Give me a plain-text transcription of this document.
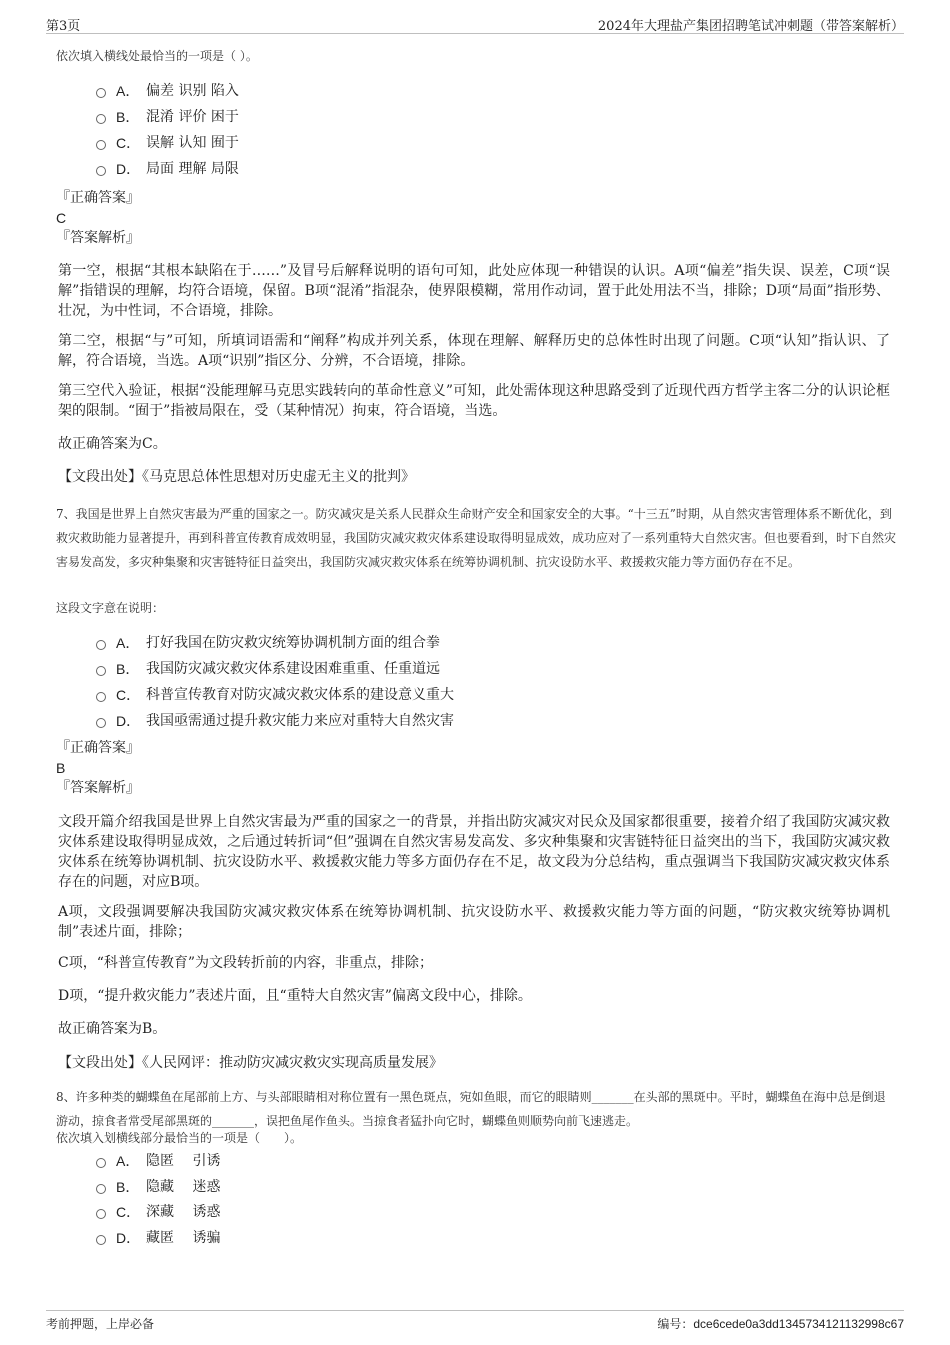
第3页	2024年大理盐产集团招聘笔试冲刺题（带答案解析）
依次填入横线处最恰当的一项是（ ）。
A． 偏差 识别 陷入
B． 混淆 评价 困于
C． 误解 认知 囿于
D． 局面 理解 局限
『正确答案』
C
『答案解析』
第一空，根据“其根本缺陷在于……”及冒号后解释说明的语句可知，此处应体现一种错误的认识。A项“偏差”指失误、误差，C项“误解”指错误的理解，均符合语境，保留。B项“混淆”指混杂，使界限模糊，常用作动词，置于此处用法不当，排除；D项“局面”指形势、壮况，为中性词，不合语境，排除。
第二空，根据“与”可知，所填词语需和“阐释”构成并列关系，体现在理解、解释历史的总体性时出现了问题。C项“认知”指认识、了解，符合语境，当选。A项“识别”指区分、分辨，不合语境，排除。
第三空代入验证，根据“没能理解马克思实践转向的革命性意义”可知，此处需体现这种思路受到了近现代西方哲学主客二分的认识论框架的限制。“囿于”指被局限在，受（某种情况）拘束，符合语境，当选。
故正确答案为C。
【文段出处】《马克思总体性思想对历史虚无主义的批判》
7、我国是世界上自然灾害最为严重的国家之一。防灾减灾是关系人民群众生命财产安全和国家安全的大事。“十三五”时期，从自然灾害管理体系不断优化，到救灾救助能力显著提升，再到科普宣传教育成效明显，我国防灾减灾救灾体系建设取得明显成效，成功应对了一系列重特大自然灾害。但也要看到，时下自然灾害易发高发，多灾种集聚和灾害链特征日益突出，我国防灾减灾救灾体系在统筹协调机制、抗灾设防水平、救援救灾能力等方面仍存在不足。
这段文字意在说明：
A． 打好我国在防灾救灾统筹协调机制方面的组合拳
B． 我国防灾减灾救灾体系建设困难重重、任重道远
C． 科普宣传教育对防灾减灾救灾体系的建设意义重大
D． 我国亟需通过提升救灾能力来应对重特大自然灾害
『正确答案』
B
『答案解析』
文段开篇介绍我国是世界上自然灾害最为严重的国家之一的背景，并指出防灾减灾对民众及国家都很重要，接着介绍了我国防灾减灾救灾体系建设取得明显成效，之后通过转折词“但”强调在自然灾害易发高发、多灾种集聚和灾害链特征日益突出的当下，我国防灾减灾救灾体系在统筹协调机制、抗灾设防水平、救援救灾能力等多方面仍存在不足，故文段为分总结构，重点强调当下我国防灾减灾救灾体系存在的问题，对应B项。
A项，文段强调要解决我国防灾减灾救灾体系在统筹协调机制、抗灾设防水平、救援救灾能力等方面的问题，“防灾救灾统筹协调机制”表述片面，排除；
C项，“科普宣传教育”为文段转折前的内容，非重点，排除；
D项，“提升救灾能力”表述片面，且“重特大自然灾害”偏离文段中心，排除。
故正确答案为B。
【文段出处】《人民网评：推动防灾减灾救灾实现高质量发展》
8、许多种类的蝴蝶鱼在尾部前上方、与头部眼睛相对称位置有一黑色斑点，宛如鱼眼，而它的眼睛则_______在头部的黑斑中。平时，蝴蝶鱼在海中总是倒退游动，掠食者常受尾部黑斑的_______，误把鱼尾作鱼头。当掠食者猛扑向它时，蝴蝶鱼则顺势向前飞速逃走。
依次填入划横线部分最恰当的一项是（　　）。
A． 隐匿　 引诱
B． 隐藏　 迷惑
C． 深藏　 诱惑
D． 藏匿　 诱骗
考前押题，上岸必备	编号：dce6cede0a3dd1345734121132998c67
